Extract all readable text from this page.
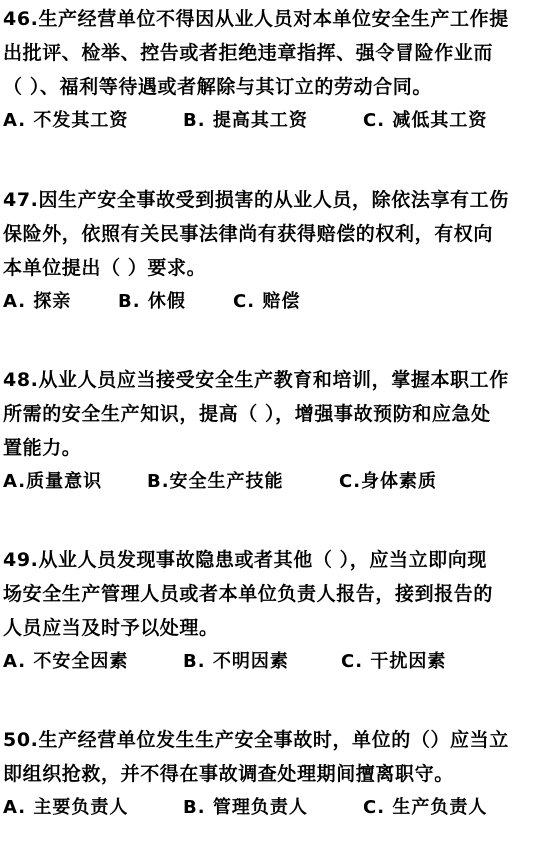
46.生产经营单位不得因从业人员对本单位安全生产工作提
出批评、检举、控告或者拒绝违章指挥、强令冒险作业而
（ ）、福利等待遇或者解除与其订立的劳动合同。
A. 不发其工资	B. 提高其工资	C. 减低其工资
47.因生产安全事故受到损害的从业人员，除依法享有工伤
保险外，依照有关民事法律尚有获得赔偿的权利，有权向
本单位提出（ ）要求。
A. 探亲	B. 休假	C. 赔偿
48.从业人员应当接受安全生产教育和培训，掌握本职工作
所需的安全生产知识，提高（ ），增强事故预防和应急处
置能力。
A.质量意识	B.安全生产技能	C.身体素质
49.从业人员发现事故隐患或者其他（ ），应当立即向现
场安全生产管理人员或者本单位负责人报告，接到报告的
人员应当及时予以处理。
A. 不安全因素	B. 不明因素	C. 干扰因素
50.生产经营单位发生生产安全事故时，单位的（）应当立
即组织抢救，并不得在事故调查处理期间擅离职守。
A. 主要负责人	B. 管理负责人	C. 生产负责人
